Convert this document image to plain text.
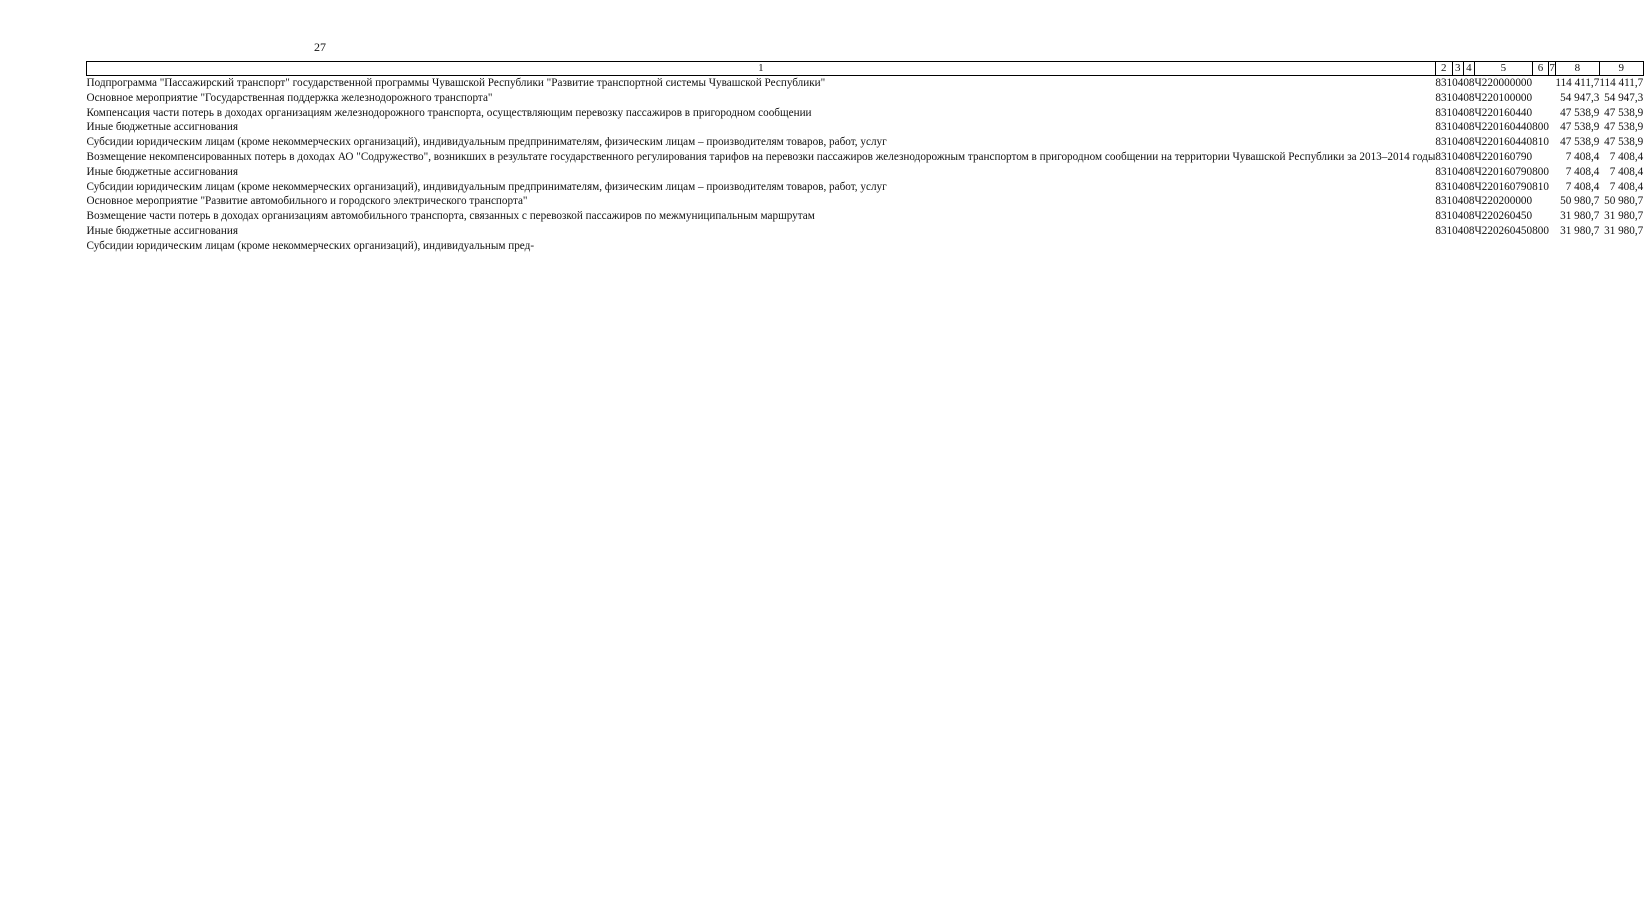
27
1	2	3	4	5	6	7	8	9

Подпрограмма "Пассажирский транспорт" государственной программы Чувашской Республики "Развитие транспортной системы Чувашской Республики"	831	04	08	Ч220000000			114 411,7	114 411,7

Основное мероприятие "Государственная поддержка железнодорожного транспорта"	831	04	08	Ч220100000			54 947,3	54 947,3

Компенсация части потерь в доходах организациям железнодорожного транспорта, осуществляющим перевозку пассажиров в пригородном сообщении	831	04	08	Ч220160440			47 538,9	47 538,9

Иные бюджетные ассигнования	831	04	08	Ч220160440	800		47 538,9	47 538,9

Субсидии юридическим лицам (кроме некоммерческих организаций), индивидуальным предпринимателям, физическим лицам – производителям товаров, работ, услуг	831	04	08	Ч220160440	810		47 538,9	47 538,9

Возмещение некомпенсированных потерь в доходах АО "Содружество", возникших в результате государственного регулирования тарифов на перевозки пассажиров железнодорожным транспортом в пригородном сообщении на территории Чувашской Республики за 2013–2014 годы	831	04	08	Ч220160790			7 408,4	7 408,4

Иные бюджетные ассигнования	831	04	08	Ч220160790	800		7 408,4	7 408,4

Субсидии юридическим лицам (кроме некоммерческих организаций), индивидуальным предпринимателям, физическим лицам – производителям товаров, работ, услуг	831	04	08	Ч220160790	810		7 408,4	7 408,4

Основное мероприятие "Развитие автомобильного и городского электрического транспорта"	831	04	08	Ч220200000			50 980,7	50 980,7

Возмещение части потерь в доходах организациям автомобильного транспорта, связанных с перевозкой пассажиров по межмуниципальным маршрутам	831	04	08	Ч220260450			31 980,7	31 980,7

Иные бюджетные ассигнования	831	04	08	Ч220260450	800		31 980,7	31 980,7

Субсидии юридическим лицам (кроме некоммерческих организаций), индивидуальным пред-								
